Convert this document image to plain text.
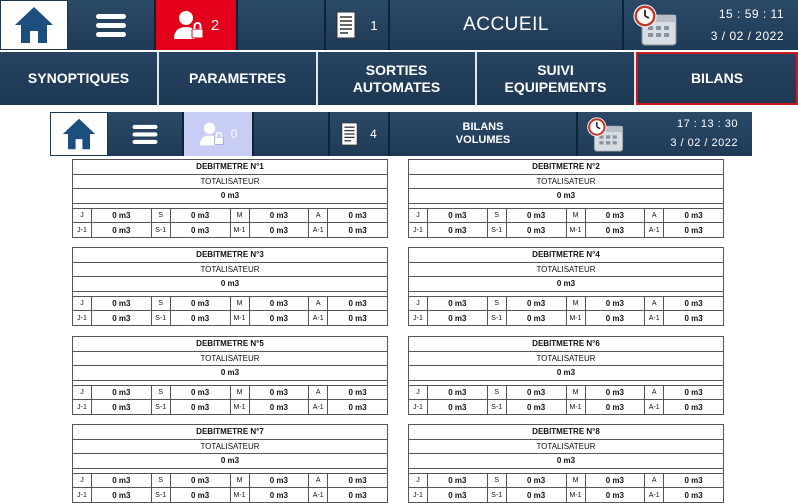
2	1	ACCUEIL	15 : 59 : 11
3 / 02 / 2022
SYNOPTIQUES	PARAMETRES
SORTIES AUTOMATES
SUIVI EQUIPEMENTS
BILANS
0	4	BILANS
VOLUMES
17 : 13 : 30
3 / 02 / 2022
DEBITMETRE N°1
TOTALISATEUR
0 m3
J	0 m3	S	0 m3	M	0 m3	A	0 m3
J-1	0 m3	S-1	0 m3	M-1	0 m3	A-1	0 m3
DEBITMETRE N°2
TOTALISATEUR
0 m3
J	0 m3	S	0 m3	M	0 m3	A	0 m3
J-1	0 m3	S-1	0 m3	M-1	0 m3	A-1	0 m3
DEBITMETRE N°3
TOTALISATEUR
0 m3
J	0 m3	S	0 m3	M	0 m3	A	0 m3
J-1	0 m3	S-1	0 m3	M-1	0 m3	A-1	0 m3
DEBITMETRE N°4
TOTALISATEUR
0 m3
J	0 m3	S	0 m3	M	0 m3	A	0 m3
J-1	0 m3	S-1	0 m3	M-1	0 m3	A-1	0 m3
DEBITMETRE N°5
TOTALISATEUR
0 m3
J	0 m3	S	0 m3	M	0 m3	A	0 m3
J-1	0 m3	S-1	0 m3	M-1	0 m3	A-1	0 m3
DEBITMETRE N°6
TOTALISATEUR
0 m3
J	0 m3	S	0 m3	M	0 m3	A	0 m3
J-1	0 m3	S-1	0 m3	M-1	0 m3	A-1	0 m3
DEBITMETRE N°7
TOTALISATEUR
0 m3
J	0 m3	S	0 m3	M	0 m3	A	0 m3
J-1	0 m3	S-1	0 m3	M-1	0 m3	A-1	0 m3
DEBITMETRE N°8
TOTALISATEUR
0 m3
J	0 m3	S	0 m3	M	0 m3	A	0 m3
J-1	0 m3	S-1	0 m3	M-1	0 m3	A-1	0 m3
